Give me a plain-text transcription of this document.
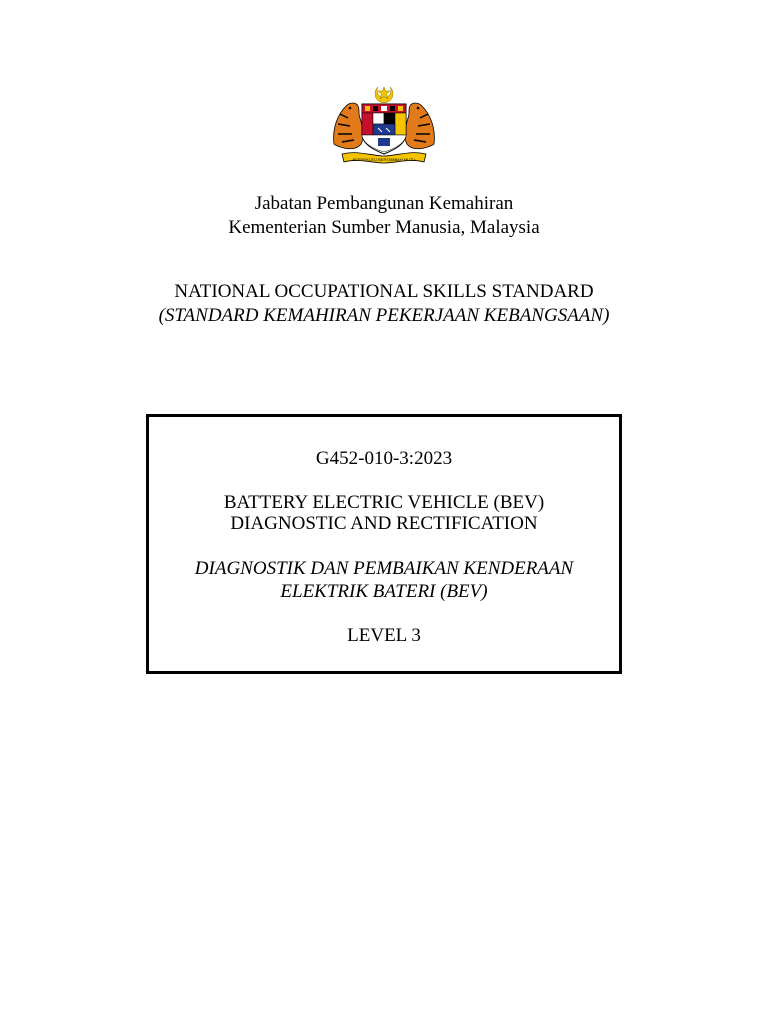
BERSEKUTU BERTAMBAH MUTU
Jabatan Pembangunan Kemahiran
Kementerian Sumber Manusia, Malaysia
NATIONAL OCCUPATIONAL SKILLS STANDARD
(STANDARD KEMAHIRAN PEKERJAAN KEBANGSAAN)
G452-010-3:2023
BATTERY ELECTRIC VEHICLE (BEV)
DIAGNOSTIC AND RECTIFICATION
DIAGNOSTIK DAN PEMBAIKAN KENDERAAN
ELEKTRIK BATERI (BEV)
LEVEL 3
